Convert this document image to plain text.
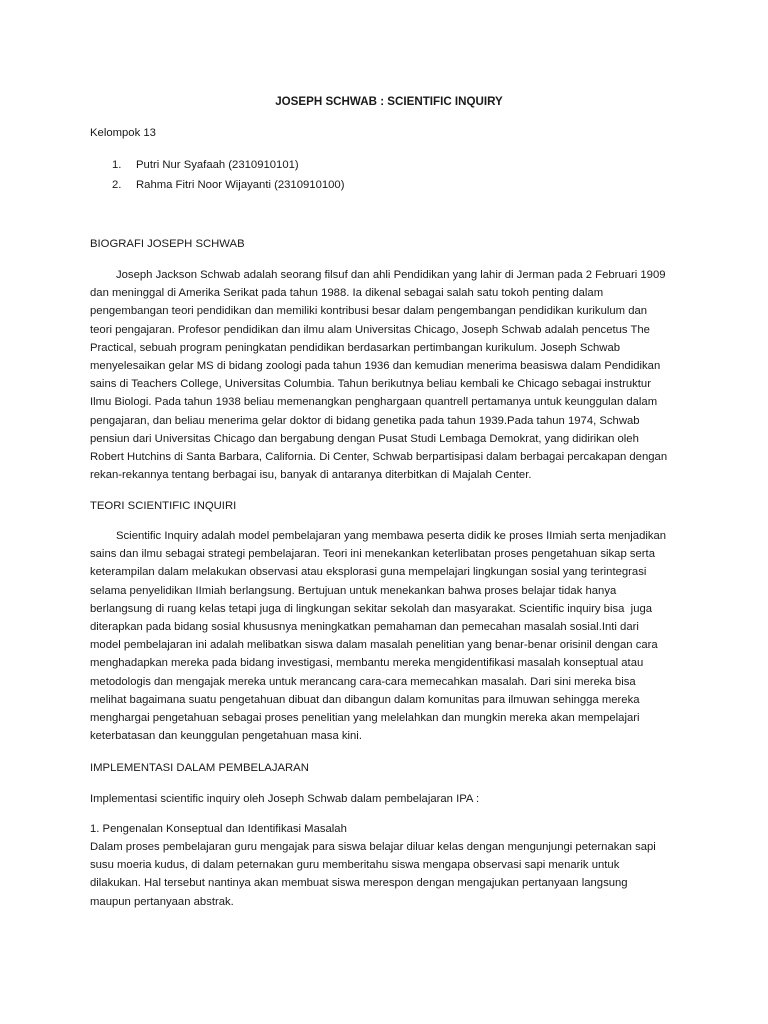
JOSEPH SCHWAB : SCIENTIFIC INQUIRY

Kelompok 13

1.	Putri Nur Syafaah (2310910101)
2.	Rahma Fitri Noor Wijayanti (2310910100)
BIOGRAFI JOSEPH SCHWAB
Joseph Jackson Schwab adalah seorang filsuf dan ahli Pendidikan yang lahir di Jerman pada 2 Februari 1909
dan meninggal di Amerika Serikat pada tahun 1988. Ia dikenal sebagai salah satu tokoh penting dalam
pengembangan teori pendidikan dan memiliki kontribusi besar dalam pengembangan pendidikan kurikulum dan
teori pengajaran. Profesor pendidikan dan ilmu alam Universitas Chicago, Joseph Schwab adalah pencetus The
Practical, sebuah program peningkatan pendidikan berdasarkan pertimbangan kurikulum. Joseph Schwab
menyelesaikan gelar MS di bidang zoologi pada tahun 1936 dan kemudian menerima beasiswa dalam Pendidikan
sains di Teachers College, Universitas Columbia. Tahun berikutnya beliau kembali ke Chicago sebagai instruktur
Ilmu Biologi. Pada tahun 1938 beliau memenangkan penghargaan quantrell pertamanya untuk keunggulan dalam
pengajaran, dan beliau menerima gelar doktor di bidang genetika pada tahun 1939.Pada tahun 1974, Schwab
pensiun dari Universitas Chicago dan bergabung dengan Pusat Studi Lembaga Demokrat, yang didirikan oleh
Robert Hutchins di Santa Barbara, California. Di Center, Schwab berpartisipasi dalam berbagai percakapan dengan
rekan-rekannya tentang berbagai isu, banyak di antaranya diterbitkan di Majalah Center.
TEORI SCIENTIFIC INQUIRI
Scientific Inquiry adalah model pembelajaran yang membawa peserta didik ke proses IImiah serta menjadikan
sains dan ilmu sebagai strategi pembelajaran. Teori ini menekankan keterlibatan proses pengetahuan sikap serta
keterampilan dalam melakukan observasi atau eksplorasi guna mempelajari lingkungan sosial yang terintegrasi
selama penyelidikan IImiah berlangsung. Bertujuan untuk menekankan bahwa proses belajar tidak hanya
berlangsung di ruang kelas tetapi juga di lingkungan sekitar sekolah dan masyarakat. Scientific inquiry bisa  juga
diterapkan pada bidang sosial khususnya meningkatkan pemahaman dan pemecahan masalah sosial.Inti dari
model pembelajaran ini adalah melibatkan siswa dalam masalah penelitian yang benar-benar orisinil dengan cara
menghadapkan mereka pada bidang investigasi, membantu mereka mengidentifikasi masalah konseptual atau
metodologis dan mengajak mereka untuk merancang cara-cara memecahkan masalah. Dari sini mereka bisa
melihat bagaimana suatu pengetahuan dibuat dan dibangun dalam komunitas para ilmuwan sehingga mereka
menghargai pengetahuan sebagai proses penelitian yang melelahkan dan mungkin mereka akan mempelajari
keterbatasan dan keunggulan pengetahuan masa kini.
IMPLEMENTASI DALAM PEMBELAJARAN

Implementasi scientific inquiry oleh Joseph Schwab dalam pembelajaran IPA :

1. Pengenalan Konseptual dan Identifikasi Masalah

Dalam proses pembelajaran guru mengajak para siswa belajar diluar kelas dengan mengunjungi peternakan sapi
susu moeria kudus, di dalam peternakan guru memberitahu siswa mengapa observasi sapi menarik untuk
dilakukan. Hal tersebut nantinya akan membuat siswa merespon dengan mengajukan pertanyaan langsung
maupun pertanyaan abstrak.
